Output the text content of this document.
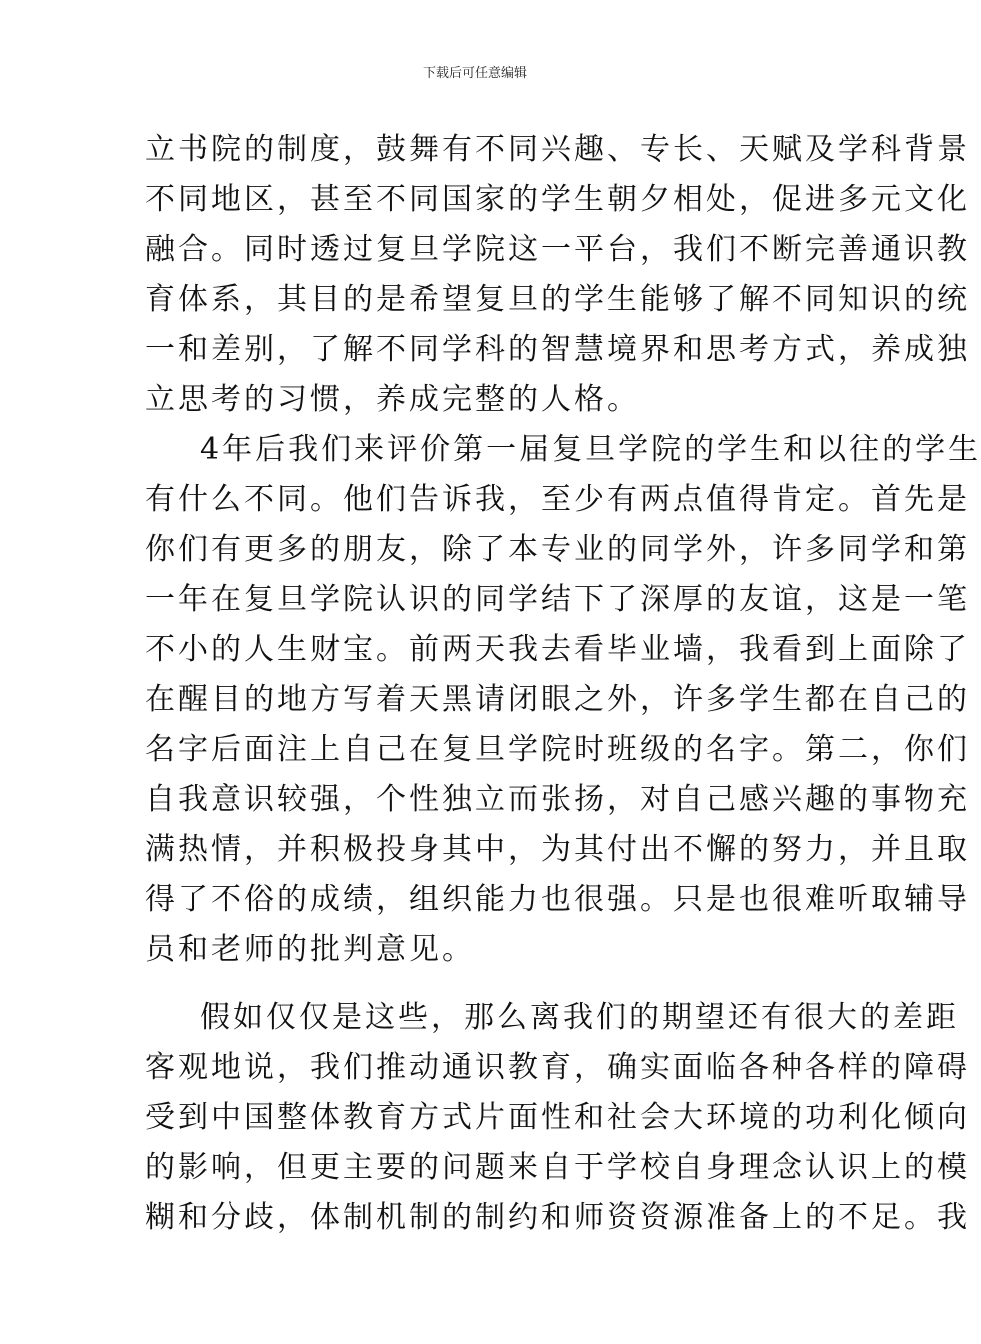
下载后可任意编辑
立书院的制度，鼓舞有不同兴趣、专长、天赋及学科背景
不同地区，甚至不同国家的学生朝夕相处，促进多元文化
融合。同时透过复旦学院这一平台，我们不断完善通识教
育体系，其目的是希望复旦的学生能够了解不同知识的统
一和差别，了解不同学科的智慧境界和思考方式，养成独
立思考的习惯，养成完整的人格。
4年后我们来评价第一届复旦学院的学生和以往的学生
有什么不同。他们告诉我，至少有两点值得肯定。首先是
你们有更多的朋友，除了本专业的同学外，许多同学和第
一年在复旦学院认识的同学结下了深厚的友谊，这是一笔
不小的人生财宝。前两天我去看毕业墙，我看到上面除了
在醒目的地方写着天黑请闭眼之外，许多学生都在自己的
名字后面注上自己在复旦学院时班级的名字。第二，你们
自我意识较强，个性独立而张扬，对自己感兴趣的事物充
满热情，并积极投身其中，为其付出不懈的努力，并且取
得了不俗的成绩，组织能力也很强。只是也很难听取辅导
员和老师的批判意见。
假如仅仅是这些，那么离我们的期望还有很大的差距
客观地说，我们推动通识教育，确实面临各种各样的障碍
受到中国整体教育方式片面性和社会大环境的功利化倾向
的影响，但更主要的问题来自于学校自身理念认识上的模
糊和分歧，体制机制的制约和师资资源准备上的不足。我
